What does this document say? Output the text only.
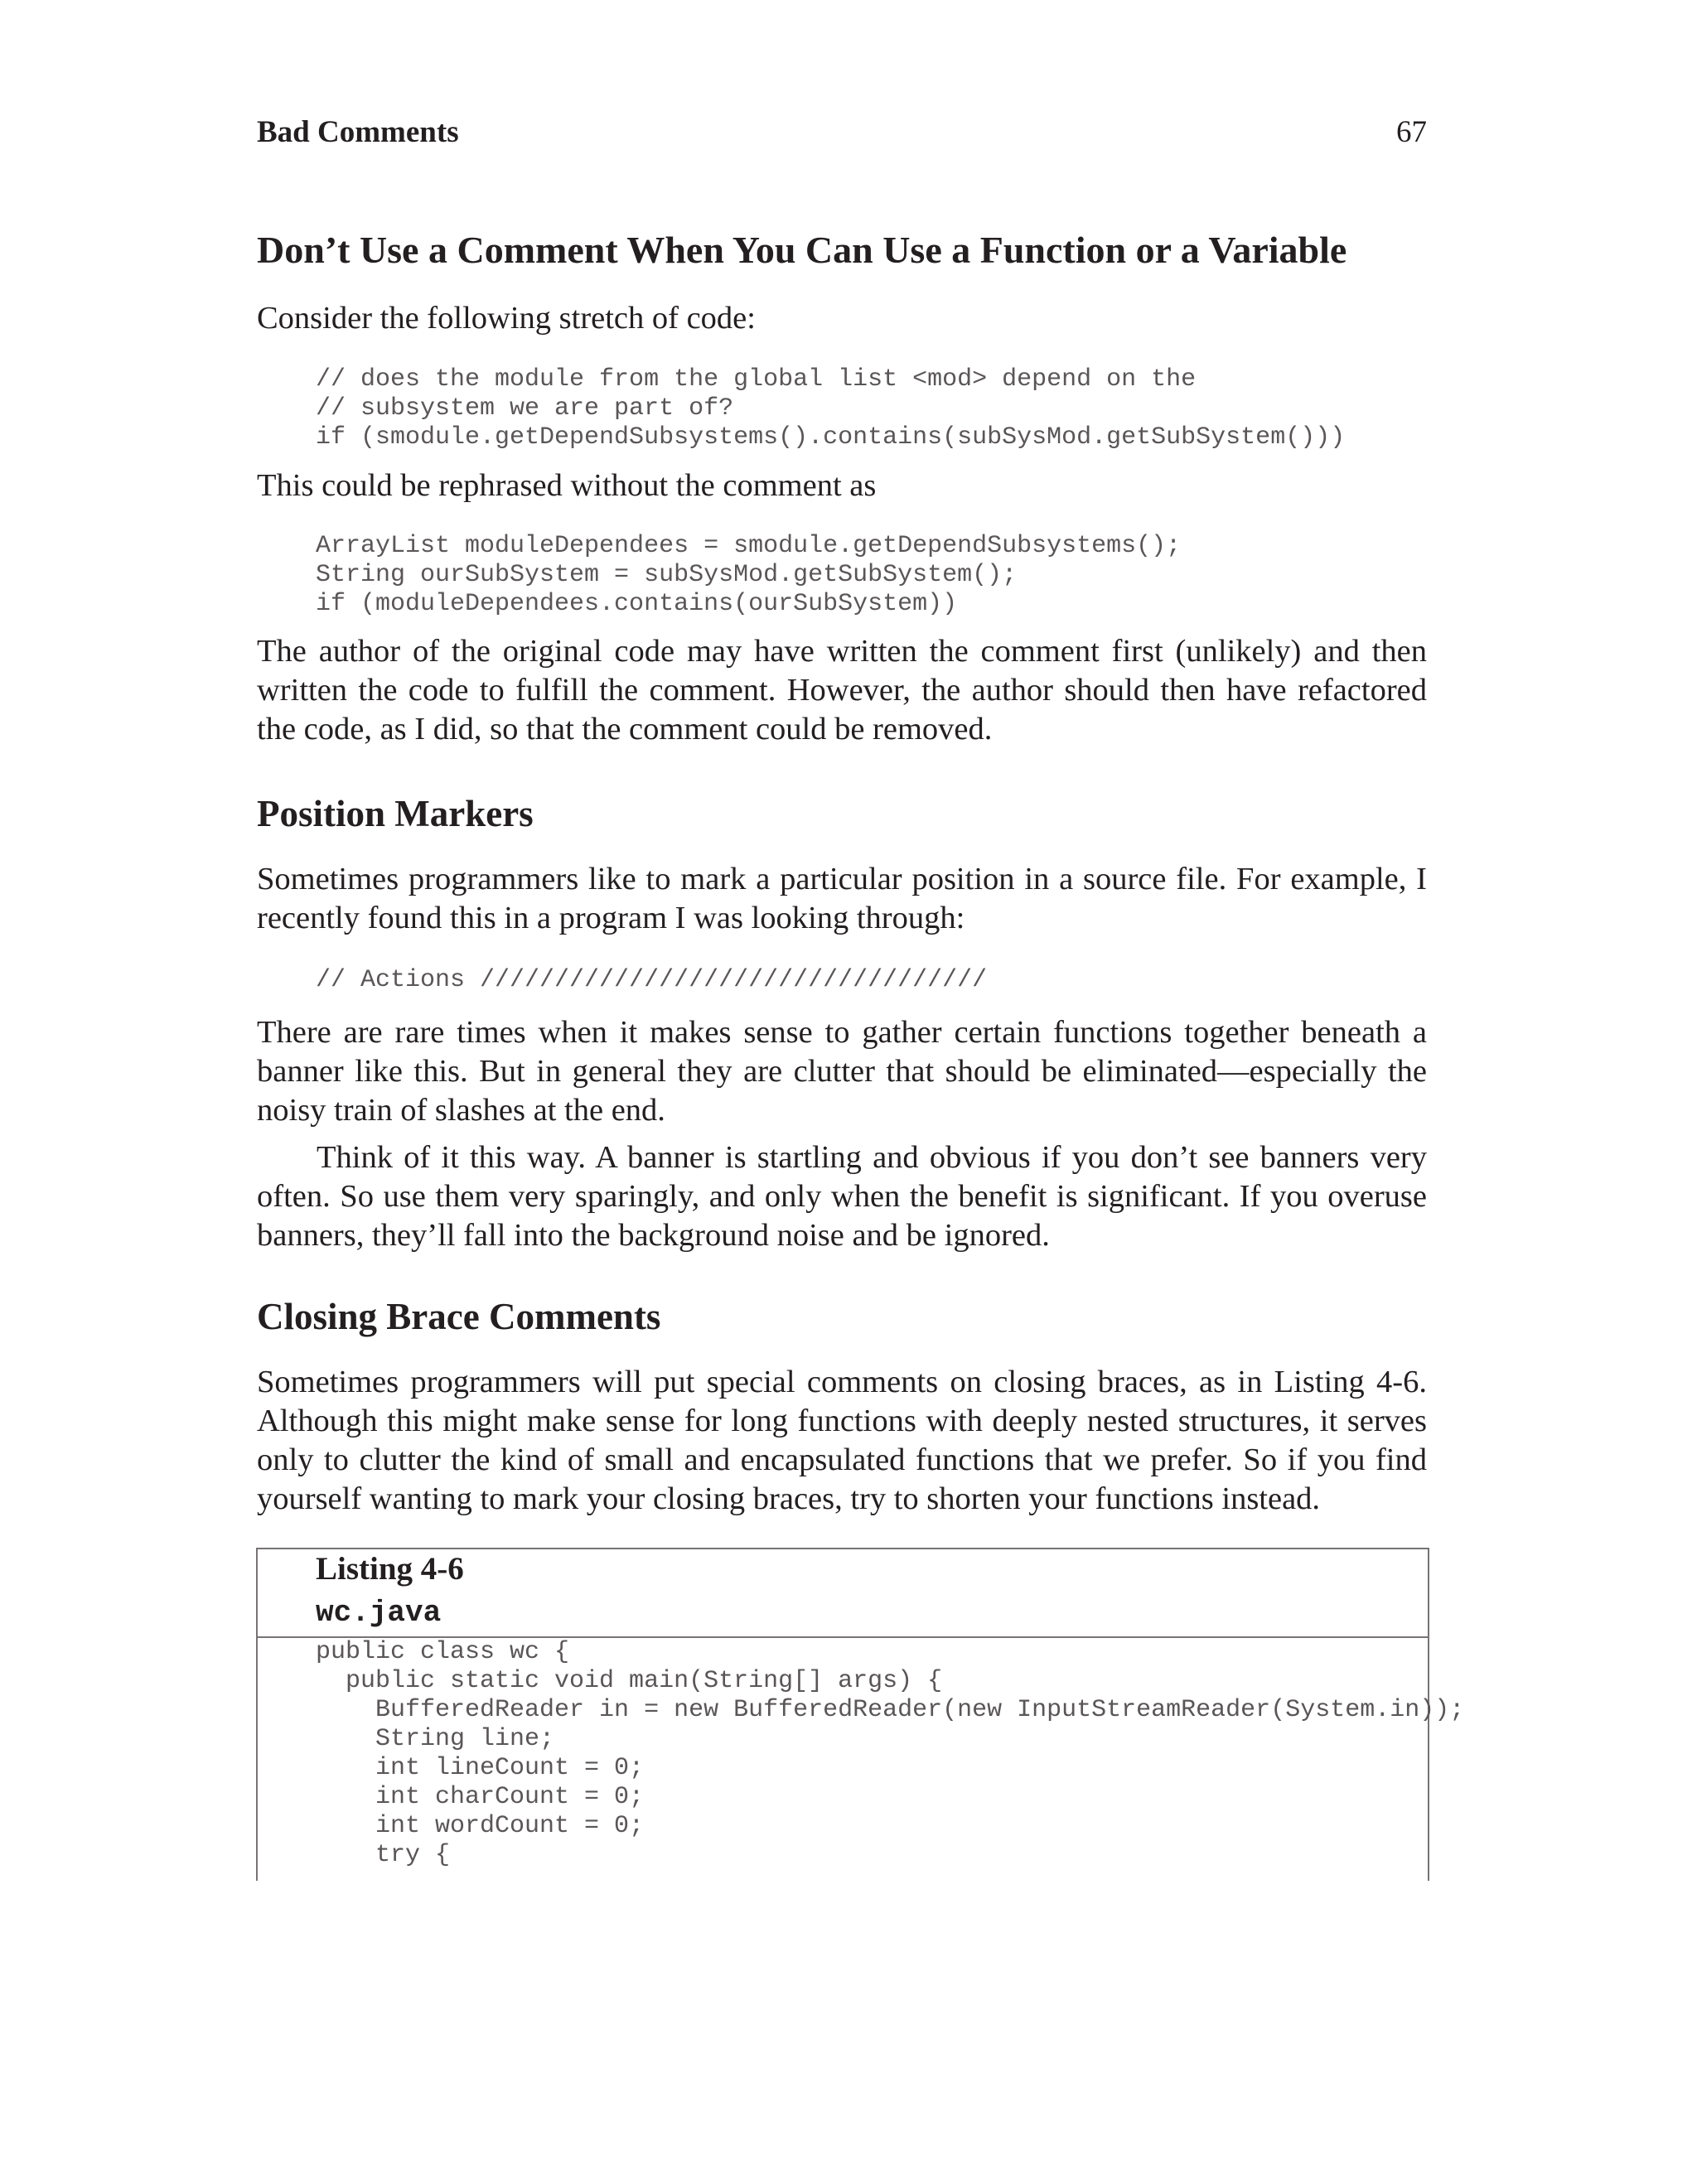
Bad Comments	67
Don’t Use a Comment When You Can Use a Function or a Variable
Consider the following stretch of code:
// does the module from the global list <mod> depend on the
// subsystem we are part of?
if (smodule.getDependSubsystems().contains(subSysMod.getSubSystem()))
This could be rephrased without the comment as
ArrayList moduleDependees = smodule.getDependSubsystems();
String ourSubSystem = subSysMod.getSubSystem();
if (moduleDependees.contains(ourSubSystem))
The author of the original code may have written the comment first (unlikely) and then written the code to fulfill the comment. However, the author should then have refactored the code, as I did, so that the comment could be removed.
Position Markers
Sometimes programmers like to mark a particular position in a source file. For example, I recently found this in a program I was looking through:
// Actions //////////////////////////////////
There are rare times when it makes sense to gather certain functions together beneath a banner like this. But in general they are clutter that should be eliminated—especially the noisy train of slashes at the end.
Think of it this way. A banner is startling and obvious if you don’t see banners very often. So use them very sparingly, and only when the benefit is significant. If you overuse banners, they’ll fall into the background noise and be ignored.
Closing Brace Comments
Sometimes programmers will put special comments on closing braces, as in Listing 4-6. Although this might make sense for long functions with deeply nested structures, it serves only to clutter the kind of small and encapsulated functions that we prefer. So if you find yourself wanting to mark your closing braces, try to shorten your functions instead.
Listing 4-6
wc.java
public class wc {
public static void main(String[] args) {
BufferedReader in = new BufferedReader(new InputStreamReader(System.in));
String line;
int lineCount = 0;
int charCount = 0;
int wordCount = 0;
try {
